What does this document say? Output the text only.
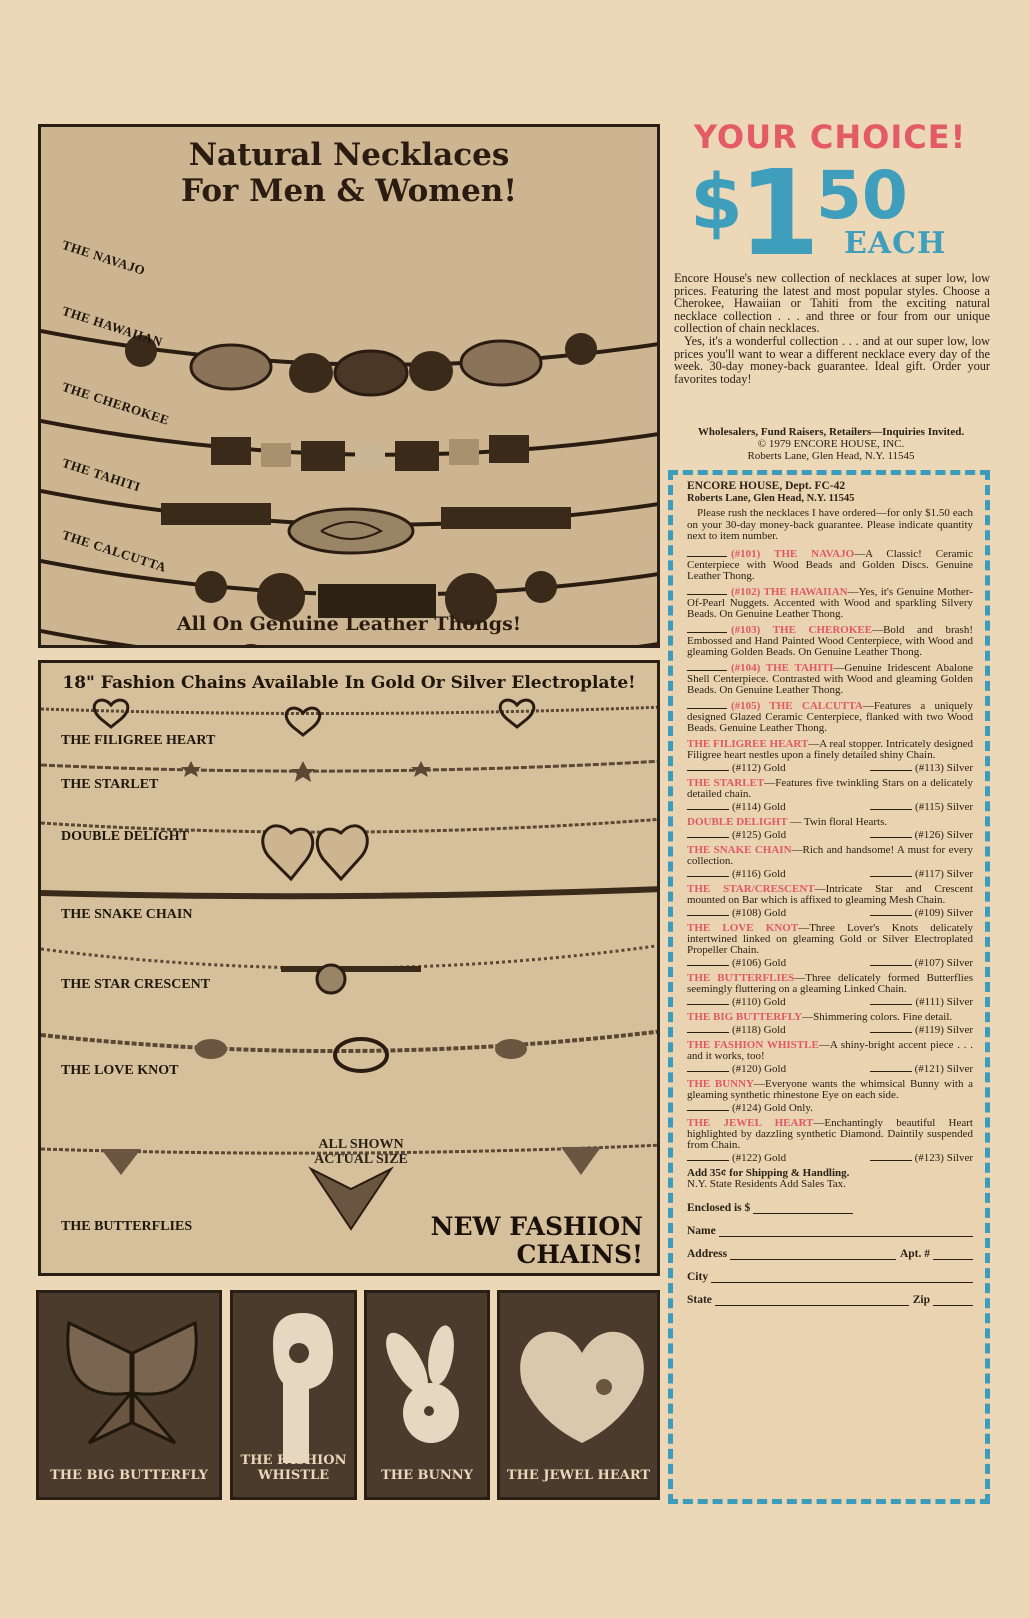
Natural Necklaces
For Men & Women!
THE NAVAJO
THE HAWAIIAN
THE CHEROKEE
THE TAHITI
THE CALCUTTA
All On Genuine Leather Thongs!
18" Fashion Chains Available In Gold Or Silver Electroplate!
THE FILIGREE HEART
THE STARLET
DOUBLE DELIGHT
THE SNAKE CHAIN
THE STAR CRESCENT
THE LOVE KNOT
ALL SHOWN ACTUAL SIZE
THE BUTTERFLIES	NEW FASHION
CHAINS!
THE BIG BUTTERFLY
THE FASHION WHISTLE	THE BUNNY	THE JEWEL HEART
YOUR CHOICE!
$
1
50
EACH

Encore House's new collection of necklaces at super low, low prices. Featuring the latest and most popular styles. Choose a Cherokee, Hawaiian or Tahiti from the exciting natural necklace collection . . . and three or four from our unique collection of chain necklaces.

Yes, it's a wonderful collection . . . and at our super low, low prices you'll want to wear a different necklace every day of the week. 30-day money-back guarantee. Ideal gift. Order your favorites today!

Wholesalers, Fund Raisers, Retailers—Inquiries Invited.
© 1979 ENCORE HOUSE, INC.
Roberts Lane, Glen Head, N.Y. 11545
ENCORE HOUSE, Dept. FC-42
Roberts Lane, Glen Head, N.Y. 11545
Please rush the necklaces I have ordered—for only $1.50 each on your 30-day money-back guarantee. Please indicate quantity next to item number.
(#101) THE NAVAJO—A Classic! Ceramic Centerpiece with Wood Beads and Golden Discs. Genuine Leather Thong.
(#102) THE HAWAIIAN—Yes, it's Genuine Mother-Of-Pearl Nuggets. Accented with Wood and sparkling Silvery Beads. On Genuine Leather Thong.
(#103) THE CHEROKEE—Bold and brash! Embossed and Hand Painted Wood Centerpiece, with Wood and gleaming Golden Beads. On Genuine Leather Thong.
(#104) THE TAHITI—Genuine Iridescent Abalone Shell Centerpiece. Contrasted with Wood and gleaming Golden Beads. On Genuine Leather Thong.
(#105) THE CALCUTTA—Features a uniquely designed Glazed Ceramic Centerpiece, flanked with two Wood Beads. Genuine Leather Thong.
THE FILIGREE HEART—A real stopper. Intricately designed Filigree heart nestles upon a finely detailed shiny Chain.
(#112) Gold	(#113) Silver
THE STARLET—Features five twinkling Stars on a delicately detailed chain.
(#114) Gold	(#115) Silver
DOUBLE DELIGHT — Twin floral Hearts.
(#125) Gold	(#126) Silver
THE SNAKE CHAIN—Rich and handsome! A must for every collection.
(#116) Gold	(#117) Silver
THE STAR/CRESCENT—Intricate Star and Crescent mounted on Bar which is affixed to gleaming Mesh Chain.
(#108) Gold	(#109) Silver
THE LOVE KNOT—Three Lover's Knots delicately intertwined linked on gleaming Gold or Silver Electroplated Propeller Chain.
(#106) Gold	(#107) Silver
THE BUTTERFLIES—Three delicately formed Butterflies seemingly fluttering on a gleaming Linked Chain.
(#110) Gold	(#111) Silver
THE BIG BUTTERFLY—Shimmering colors. Fine detail.
(#118) Gold	(#119) Silver
THE FASHION WHISTLE—A shiny-bright accent piece . . . and it works, too!
(#120) Gold	(#121) Silver
THE BUNNY—Everyone wants the whimsical Bunny with a gleaming synthetic rhinestone Eye on each side.
(#124) Gold Only.
THE JEWEL HEART—Enchantingly beautiful Heart highlighted by dazzling synthetic Diamond. Daintily suspended from Chain.
(#122) Gold	(#123) Silver
Add 35¢ for Shipping & Handling.
N.Y. State Residents Add Sales Tax.
Enclosed is $
Name
Address	Apt. #
City
State	Zip
